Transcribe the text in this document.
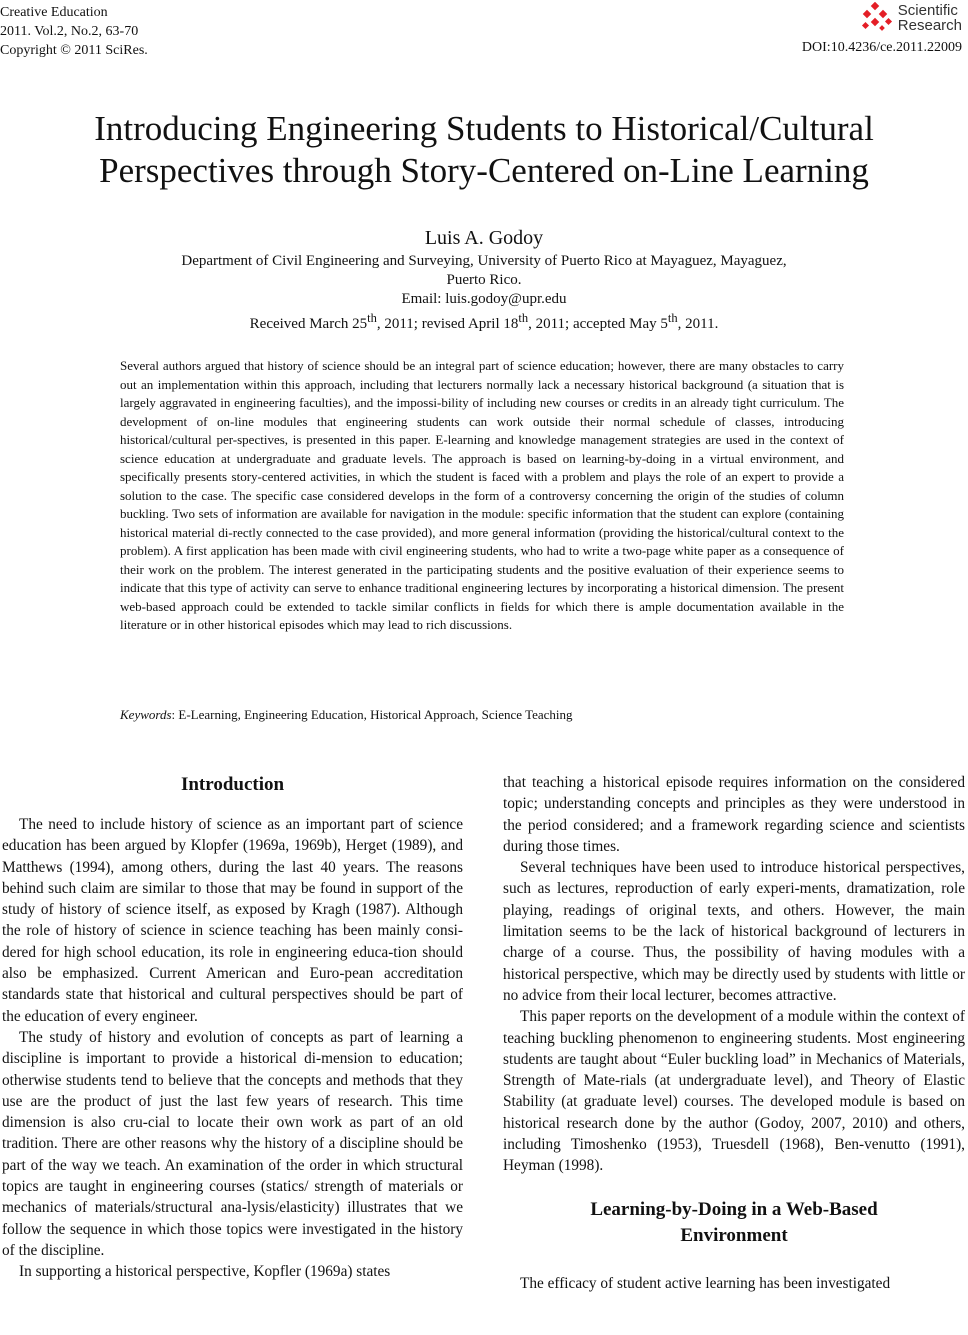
Creative Education
2011. Vol.2, No.2, 63-70
Copyright © 2011 SciRes.
Scientific
Research
DOI:10.4236/ce.2011.22009
Introducing Engineering Students to Historical/Cultural
Perspectives through Story-Centered on-Line Learning
Luis A. Godoy
Department of Civil Engineering and Surveying, University of Puerto Rico at Mayaguez, Mayaguez,
Puerto Rico.
Email: luis.godoy@upr.edu
Received March 25th, 2011; revised April 18th, 2011; accepted May 5th, 2011.
Several authors argued that history of science should be an integral part of science education; however, there are many obstacles to carry out an implementation within this approach, including that lecturers normally lack a necessary historical background (a situation that is largely aggravated in engineering faculties), and the impossi-bility of including new courses or credits in an already tight curriculum. The development of on-line modules that engineering students can work outside their normal schedule of classes, introducing historical/cultural per-spectives, is presented in this paper. E-learning and knowledge management strategies are used in the context of science education at undergraduate and graduate levels. The approach is based on learning-by-doing in a virtual environment, and specifically presents story-centered activities, in which the student is faced with a problem and plays the role of an expert to provide a solution to the case. The specific case considered develops in the form of a controversy concerning the origin of the studies of column buckling. Two sets of information are available for navigation in the module: specific information that the student can explore (containing historical material di-rectly connected to the case provided), and more general information (providing the historical/cultural context to the problem). A first application has been made with civil engineering students, who had to write a two-page white paper as a consequence of their work on the problem. The interest generated in the participating students and the positive evaluation of their experience seems to indicate that this type of activity can serve to enhance traditional engineering lectures by incorporating a historical dimension. The present web-based approach could be extended to tackle similar conflicts in fields for which there is ample documentation available in the literature or in other historical episodes which may lead to rich discussions.
Keywords: E-Learning, Engineering Education, Historical Approach, Science Teaching
Introduction

The need to include history of science as an important part of science education has been argued by Klopfer (1969a, 1969b), Herget (1989), and Matthews (1994), among others, during the last 40 years. The reasons behind such claim are similar to those that may be found in support of the study of history of science itself, as exposed by Kragh (1987). Although the role of history of science in science teaching has been mainly consi-dered for high school education, its role in engineering educa-tion should also be emphasized. Current American and Euro-pean accreditation standards state that historical and cultural perspectives should be part of the education of every engineer.

The study of history and evolution of concepts as part of learning a discipline is important to provide a historical di-mension to education; otherwise students tend to believe that the concepts and methods that they use are the product of just the last few years of research. This time dimension is also cru-cial to locate their own work as part of an old tradition. There are other reasons why the history of a discipline should be part of the way we teach. An examination of the order in which structural topics are taught in engineering courses (statics/ strength of materials or mechanics of materials/structural ana-lysis/elasticity) illustrates that we follow the sequence in which those topics were investigated in the history of the discipline.

In supporting a historical perspective, Kopfler (1969a) states

that teaching a historical episode requires information on the considered topic; understanding concepts and principles as they were understood in the period considered; and a framework regarding science and scientists during those times.

Several techniques have been used to introduce historical perspectives, such as lectures, reproduction of early experi-ments, dramatization, role playing, readings of original texts, and others. However, the main limitation seems to be the lack of historical background of lecturers in charge of a course. Thus, the possibility of having modules with a historical perspective, which may be directly used by students with little or no advice from their local lecturer, becomes attractive.

This paper reports on the development of a module within the context of teaching buckling phenomenon to engineering students. Most engineering students are taught about “Euler buckling load” in Mechanics of Materials, Strength of Mate-rials (at undergraduate level), and Theory of Elastic Stability (at graduate level) courses. The developed module is based on historical research done by the author (Godoy, 2007, 2010) and others, including Timoshenko (1953), Truesdell (1968), Ben-venutto (1991), Heyman (1998).

Learning-by-Doing in a Web-Based
Environment

The efficacy of student active learning has been investigated
